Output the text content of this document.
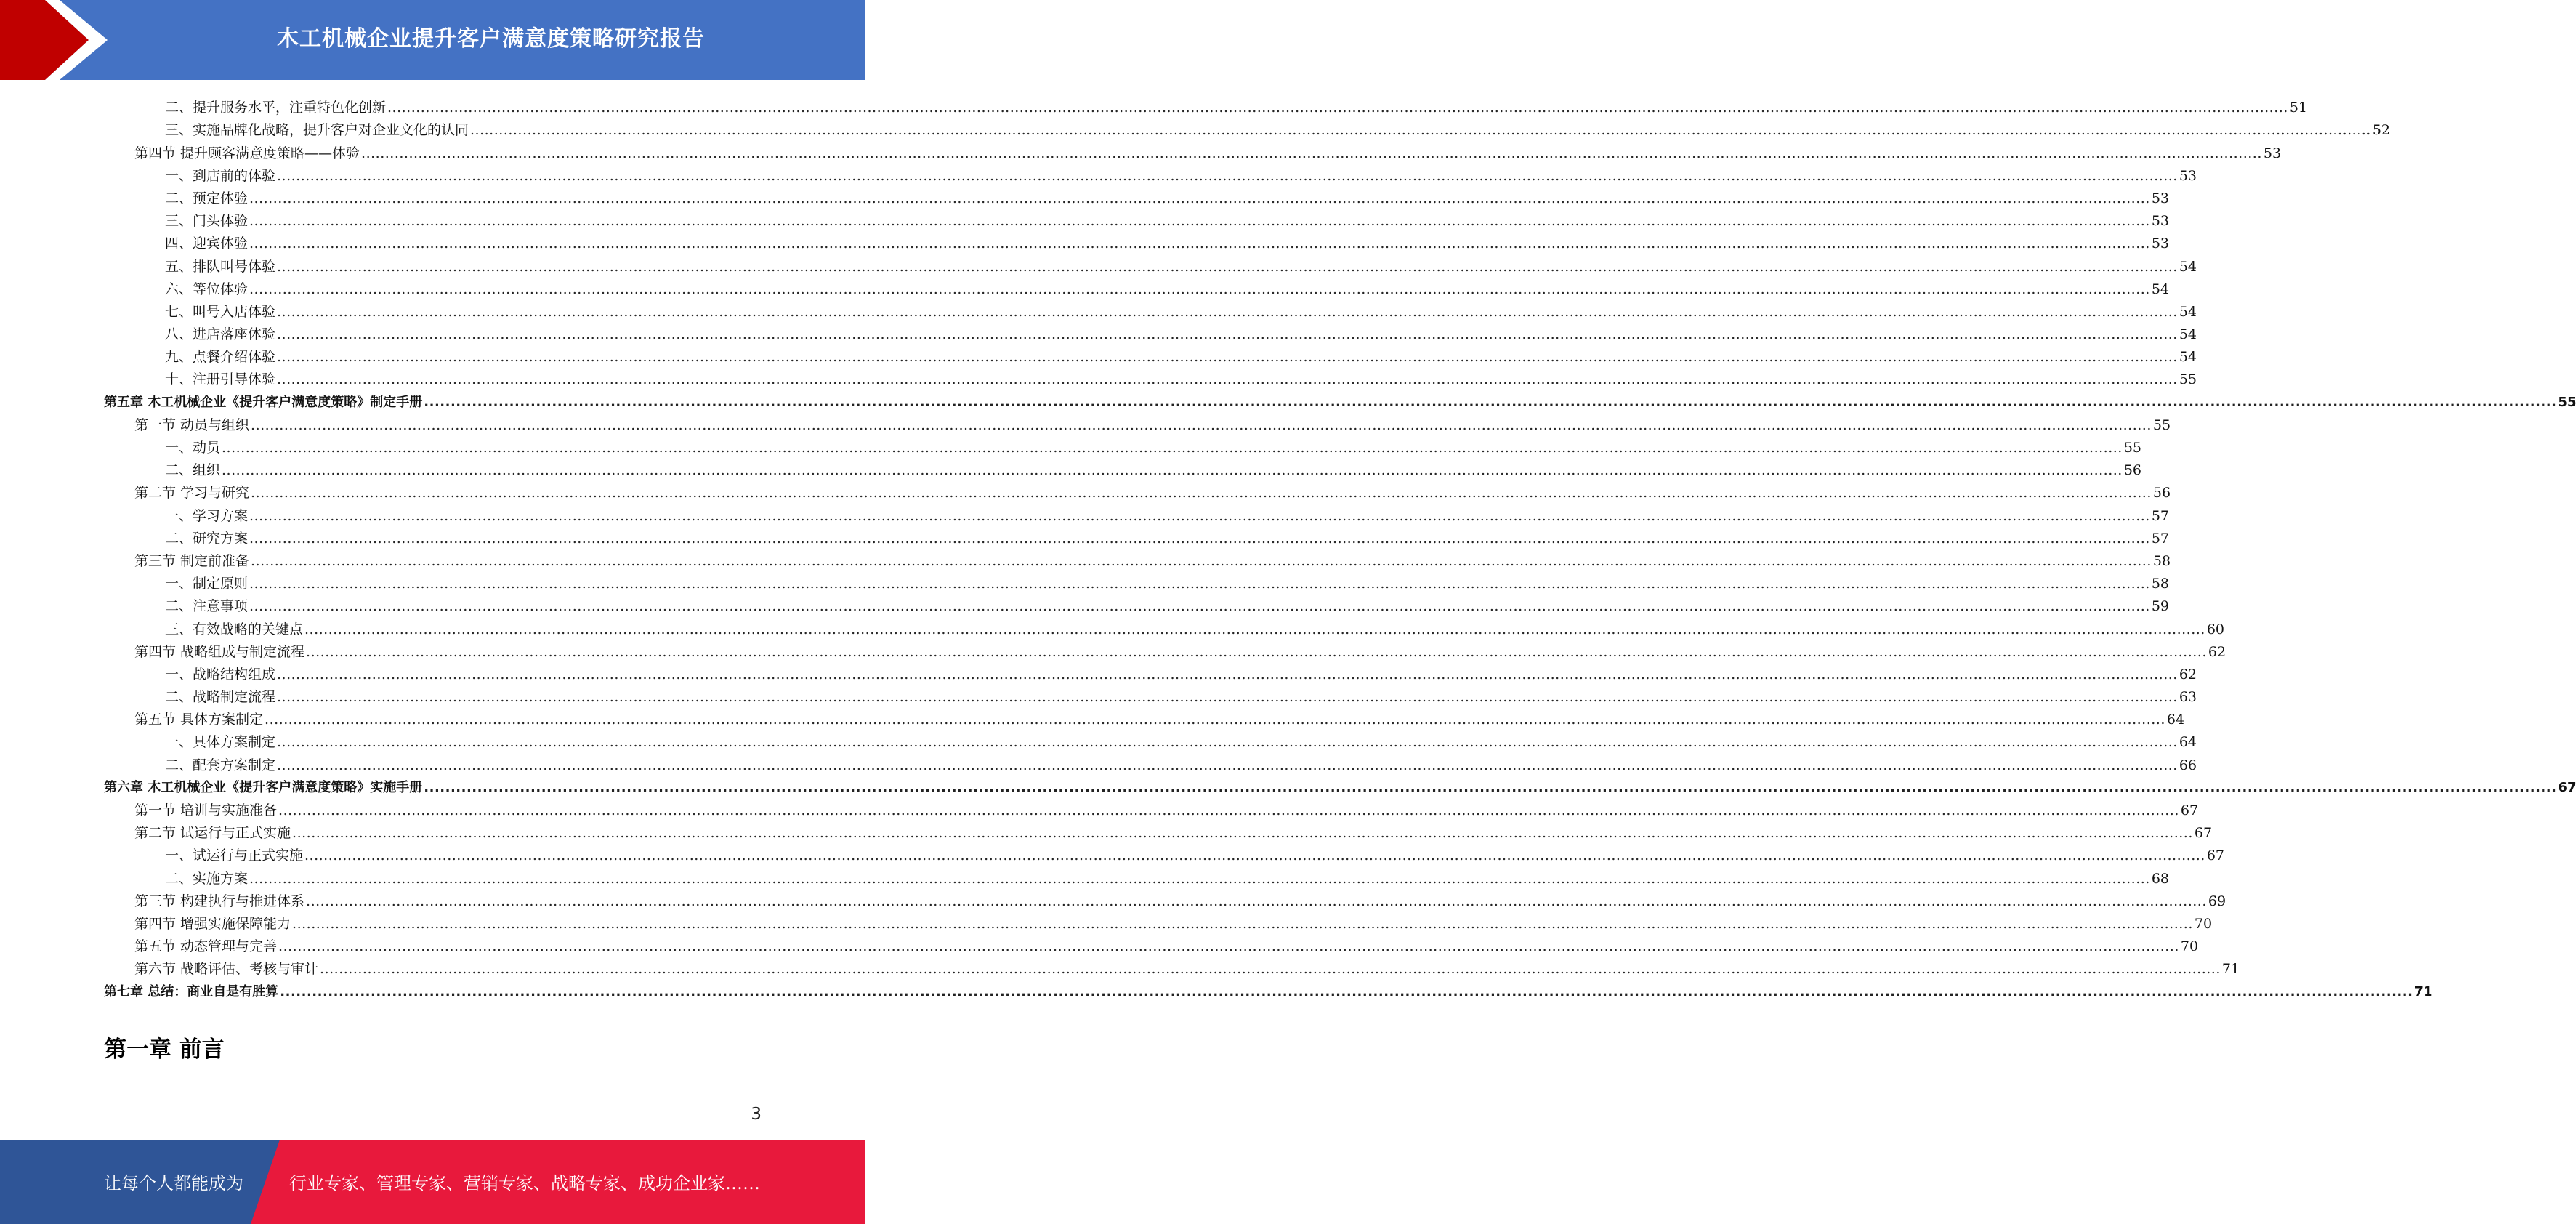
木工机械企业提升客户满意度策略研究报告
二、提升服务水平，注重特色化创新 ................................................................................................................................................................................................................................................................................................................................................................................................................ 51
三、实施品牌化战略，提升客户对企业文化的认同 ................................................................................................................................................................................................................................................................................................................................................................................................................ 52
第四节 提升顾客满意度策略——体验 ................................................................................................................................................................................................................................................................................................................................................................................................................ 53
一、到店前的体验 ................................................................................................................................................................................................................................................................................................................................................................................................................ 53
二、预定体验 ................................................................................................................................................................................................................................................................................................................................................................................................................ 53
三、门头体验 ................................................................................................................................................................................................................................................................................................................................................................................................................ 53
四、迎宾体验 ................................................................................................................................................................................................................................................................................................................................................................................................................ 53
五、排队叫号体验 ................................................................................................................................................................................................................................................................................................................................................................................................................ 54
六、等位体验 ................................................................................................................................................................................................................................................................................................................................................................................................................ 54
七、叫号入店体验 ................................................................................................................................................................................................................................................................................................................................................................................................................ 54
八、进店落座体验 ................................................................................................................................................................................................................................................................................................................................................................................................................ 54
九、点餐介绍体验 ................................................................................................................................................................................................................................................................................................................................................................................................................ 54
十、注册引导体验 ................................................................................................................................................................................................................................................................................................................................................................................................................ 55
第五章 木工机械企业《提升客户满意度策略》制定手册 ................................................................................................................................................................................................................................................................................................................................................................................................................ 55
第一节 动员与组织 ................................................................................................................................................................................................................................................................................................................................................................................................................ 55
一、动员 ................................................................................................................................................................................................................................................................................................................................................................................................................ 55
二、组织 ................................................................................................................................................................................................................................................................................................................................................................................................................ 56
第二节 学习与研究 ................................................................................................................................................................................................................................................................................................................................................................................................................ 56
一、学习方案 ................................................................................................................................................................................................................................................................................................................................................................................................................ 57
二、研究方案 ................................................................................................................................................................................................................................................................................................................................................................................................................ 57
第三节 制定前准备 ................................................................................................................................................................................................................................................................................................................................................................................................................ 58
一、制定原则 ................................................................................................................................................................................................................................................................................................................................................................................................................ 58
二、注意事项 ................................................................................................................................................................................................................................................................................................................................................................................................................ 59
三、有效战略的关键点 ................................................................................................................................................................................................................................................................................................................................................................................................................ 60
第四节 战略组成与制定流程 ................................................................................................................................................................................................................................................................................................................................................................................................................ 62
一、战略结构组成 ................................................................................................................................................................................................................................................................................................................................................................................................................ 62
二、战略制定流程 ................................................................................................................................................................................................................................................................................................................................................................................................................ 63
第五节 具体方案制定 ................................................................................................................................................................................................................................................................................................................................................................................................................ 64
一、具体方案制定 ................................................................................................................................................................................................................................................................................................................................................................................................................ 64
二、配套方案制定 ................................................................................................................................................................................................................................................................................................................................................................................................................ 66
第六章 木工机械企业《提升客户满意度策略》实施手册 ................................................................................................................................................................................................................................................................................................................................................................................................................ 67
第一节 培训与实施准备 ................................................................................................................................................................................................................................................................................................................................................................................................................ 67
第二节 试运行与正式实施 ................................................................................................................................................................................................................................................................................................................................................................................................................ 67
一、试运行与正式实施 ................................................................................................................................................................................................................................................................................................................................................................................................................ 67
二、实施方案 ................................................................................................................................................................................................................................................................................................................................................................................................................ 68
第三节 构建执行与推进体系 ................................................................................................................................................................................................................................................................................................................................................................................................................ 69
第四节 增强实施保障能力 ................................................................................................................................................................................................................................................................................................................................................................................................................ 70
第五节 动态管理与完善 ................................................................................................................................................................................................................................................................................................................................................................................................................ 70
第六节 战略评估、考核与审计 ................................................................................................................................................................................................................................................................................................................................................................................................................ 71
第七章 总结：商业自是有胜算 ................................................................................................................................................................................................................................................................................................................................................................................................................ 71
第一章 前言
3
让每个人都能成为	行业专家、管理专家、营销专家、战略专家、成功企业家……
